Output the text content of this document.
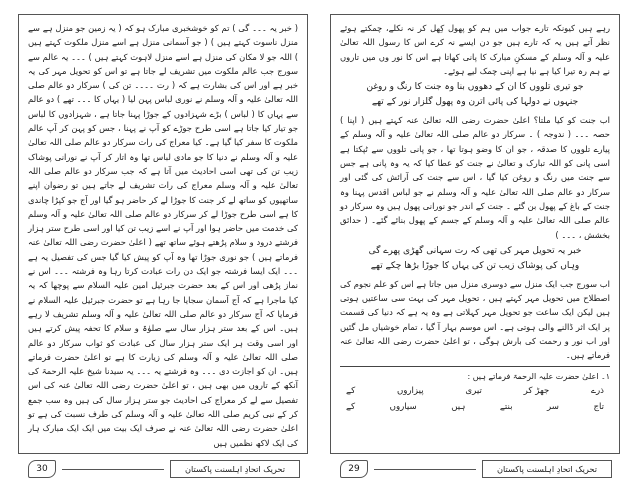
رہے ہیں کیونکہ تارے جواب میں ہم کو پھول کِھل کر نہ نکلے، چمکتے ہوئے نظر آتے ہیں یہ کہ تارے ہیں جو دن ایسے نہ کرے اس کا رسول اللہ تعالیٰ علیہ و آلہ وسلم کے مسکنِ مبارک کا پانی کھاتا ہے اس کا نور وں میں تاروں نے ہم رہ تیرا کیا ہے نیا ہے اپنی چمک لیے ہوئے۔

جو تیری تلووں کا ان کے دھووں بنا وہ جنت کا رنگ و روغن
جنہوں نے دولہا کی پائی اترن وہ پھول گلزار نور کے تھے

اب جنت کو کیا ملتا؟ اعلیٰ حضرت رضی اللہ تعالیٰ عنہ کہتے ہیں ( اپنا ) حصہ ۔۔۔ ( ندوجہ ) ۔ سرکار دو عالم صلی اللہ تعالیٰ علیہ و آلہ وسلم کے پیارے تلووں کا صدقہ ، جو ان کا وضو ہوتا تھا ، جو پانی تلووں سے ٹپکتا ہے اسی پانی کو اللہ تبارک و تعالیٰ نے جنت کو عطا کیا کہ یہ وہ پانی ہے جس سے جنت میں رنگ و روغن کیا گیا ، اس سے جنت کی آرائش کی گئی اور سرکار دو عالم صلی اللہ تعالیٰ علیہ و آلہ وسلم نے جو لباس اقدس پہنا وہ جنت کے باغ کے پھول بن گئے ۔ جنت کے اندر جو نورانی پھول ہیں وہ سرکار دو عالم صلی اللہ تعالیٰ علیہ و آلہ وسلم کے جسم کے پھول بنائے گئے۔ ( حدائق بخشش ، ۔۔۔ )

خبر یہ تحویل مہر کی تھی کہ رت سہانی گھڑی پھرے گی
وہاں کی پوشاک زیب تن کی یہاں کا جوڑا بڑھا چکے تھے

اب سورج جب ایک منزل سے دوسری منزل میں جاتا ہے اس کو علم نجوم کی اصطلاح میں تحویل مہر کہتے ہیں ، تحویل مہر کی بہت سی ساعتیں ہوتی ہیں لیکن ایک ساعت جو تحویل مہر کہلاتی ہے وہ یہ ہے کہ دنیا کی قسمت پر ایک اثر ڈالنے والی ہوتی ہے۔ اس موسم بہار آ گیا ، تمام خوشیاں مل گئیں اور اب نور و رحمت کی بارش ہوگی ، تو اعلیٰ حضرت رضی اللہ تعالیٰ عنہ فرماتے ہیں۔

۱۔ اعلیٰ حضرت علیہ الرحمۃ فرماتے ہیں :

ذرے
جھڑ کر
تیری
پیزاروں
کے
تاج
سر
بنتے
ہیں
سیاروں
کے
تحریک اتحادِ اہلسنت پاکستان
29

( خبر یہ ۔۔۔ گی ) تم کو خوشخبری مبارک ہو کہ ( یہ زمین جو منزل ہے سے منزل ناسوت کہتے ہیں ) ( جو آسمانی منزل ہے اسے منزل ملکوت کہتے ہیں ) اللہ جو لا مکان کی منزل ہے اسے منزل لاہوت کہتے ہیں ) ۔۔۔ یہ عالم سے سورج جب عالم ملکوت میں تشریف لے جاتا ہے تو اس کو تحویل مہر کی یہ خبر ہے اور اس کی بشارت ہے کہ ( رت ۔۔۔۔ تن کی ) سرکار دو عالم صلی اللہ تعالیٰ علیہ و آلہ وسلم نے نوری لباس پہن لیا ( یہاں کا ۔۔۔ تھے ) دو عالم سے یہاں کا ( لباس ) بڑے شہزادوں کے جوڑا پہنا جاتا ہے ، شہزادوں کا لباس جو تیار کیا جاتا ہے اسی طرح جوڑے کو آپ نے پہنا ، جس کو پہن کر آپ عالم ملکوت کا سفر کیا گیا ہے۔ کیا معراج کی رات سرکار دو عالم صلی اللہ تعالیٰ علیہ و آلہ وسلم نے دنیا کا جو مادی لباس تھا وہ اتار کر آپ نے نورانی پوشاک زیب تن کی تھی اسی احادیث میں آتا ہے کہ جب سرکار دو عالم صلی اللہ تعالیٰ علیہ و آلہ وسلم معراج کی رات تشریف لے جاتے ہیں تو رضوان اپنے ساتھیوں کو ساتھ لے کر جنت کا جوڑا لے کر حاضر ہو گیا اور آج جو کپڑا چاندی کا ہے اسی طرح جوڑا لے کر سرکار دو عالم صلی اللہ تعالیٰ علیہ و آلہ وسلم کی خدمت میں حاضر ہوا اور آپ نے اسے زیب تن کیا اور اسی طرح ستر ہزار فرشتے درود و سلام پڑھتے ہوئے ساتھ تھے ( اعلیٰ حضرت رضی اللہ تعالیٰ عنہ فرماتے ہیں ) جو نوری جوڑا تھا وہ آپ کو پیش کیا گیا جس کی تفصیل یہ ہے ۔۔۔ ایک ایسا فرشتہ جو ایک دن رات عبادت کرتا رہا وہ فرشتہ ۔۔۔ اس نے نماز پڑھی اور اس کے بعد حضرت جبرئیل امین علیہ السلام سے پوچھا کہ یہ کیا ماجرا ہے کہ آج آسمان سجایا جا رہا ہے تو حضرت جبرئیل علیہ السلام نے فرمایا کہ آج سرکار دو عالم صلی اللہ تعالیٰ علیہ و آلہ وسلم تشریف لا رہے ہیں۔ اس کے بعد ستر ہزار سال سے صلوٰۃ و سلام کا تحفہ پیش کرتے ہیں اور اسی وقت ہر ایک ستر ہزار سال کی عبادت کو ثواب سرکار دو عالم صلی اللہ تعالیٰ علیہ و آلہ وسلم کی زیارت کا ہے تو اعلیٰ حضرت فرماتے ہیں۔ ان کو اجازت دی ۔۔۔ وہ فرشتے یہ ۔۔۔ یہ سیدنا شیخ علیہ الرحمۃ کی آنکھ کے تاروں میں بھی ہیں ، تو اعلیٰ حضرت رضی اللہ تعالیٰ عنہ کی اس تفصیل سے لے کر معراج کی احادیث جو ستر ہزار سال کی ہیں وہ سب جمع کر کے نبی کریم صلی اللہ تعالیٰ علیہ و آلہ وسلم کی طرف نسبت کی ہے تو اعلیٰ حضرت رضی اللہ تعالیٰ عنہ نے صرف ایک بیت میں ایک ایک مبارک ہار کی ایک لاکھ نظمیں ہیں

تحریک اتحادِ اہلسنت پاکستان
30
